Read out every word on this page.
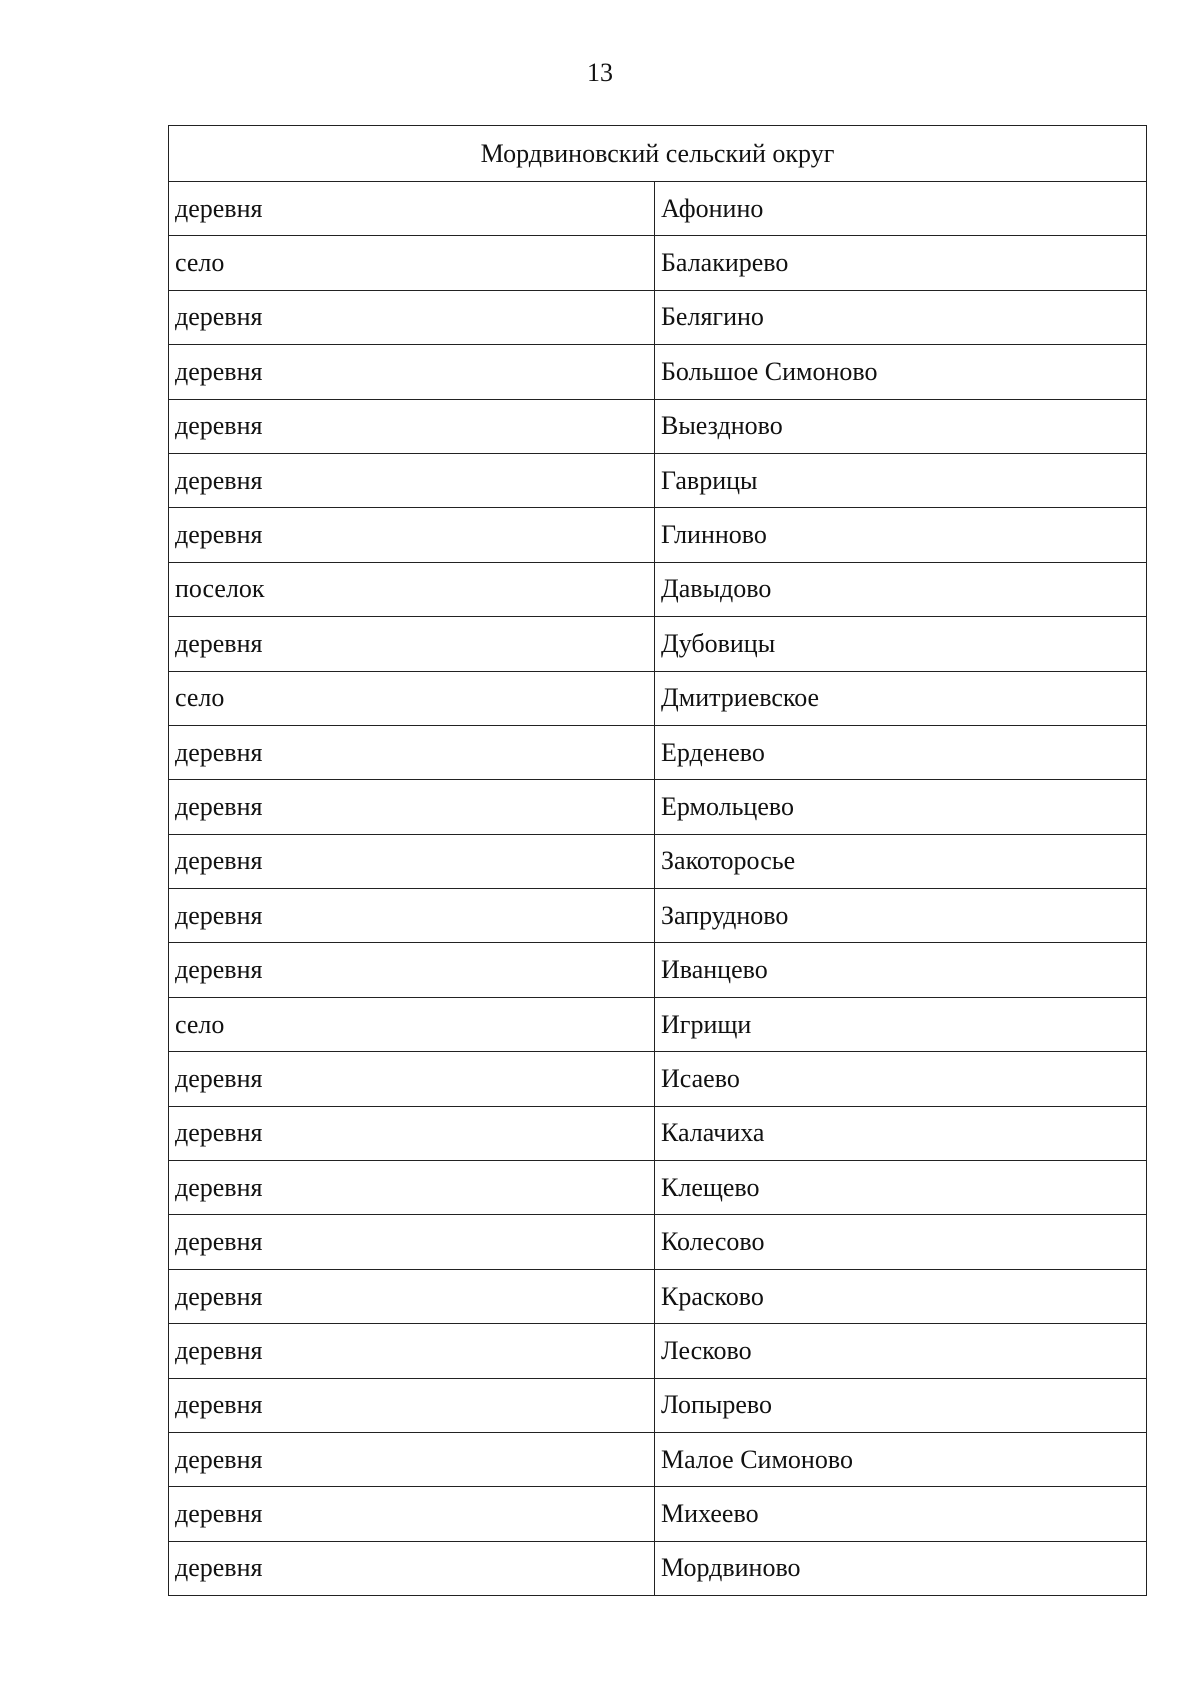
13
Мордвиновский сельский округ	
деревня	Афонино
село	Балакирево
деревня	Белягино
деревня	Большое Симоново
деревня	Выездново
деревня	Гаврицы
деревня	Глинново
поселок	Давыдово
деревня	Дубовицы
село	Дмитриевское
деревня	Ерденево
деревня	Ермольцево
деревня	Закоторосье
деревня	Запрудново
деревня	Иванцево
село	Игрищи
деревня	Исаево
деревня	Калачиха
деревня	Клещево
деревня	Колесово
деревня	Красково
деревня	Лесково
деревня	Лопырево
деревня	Малое Симоново
деревня	Михеево
деревня	Мордвиново
